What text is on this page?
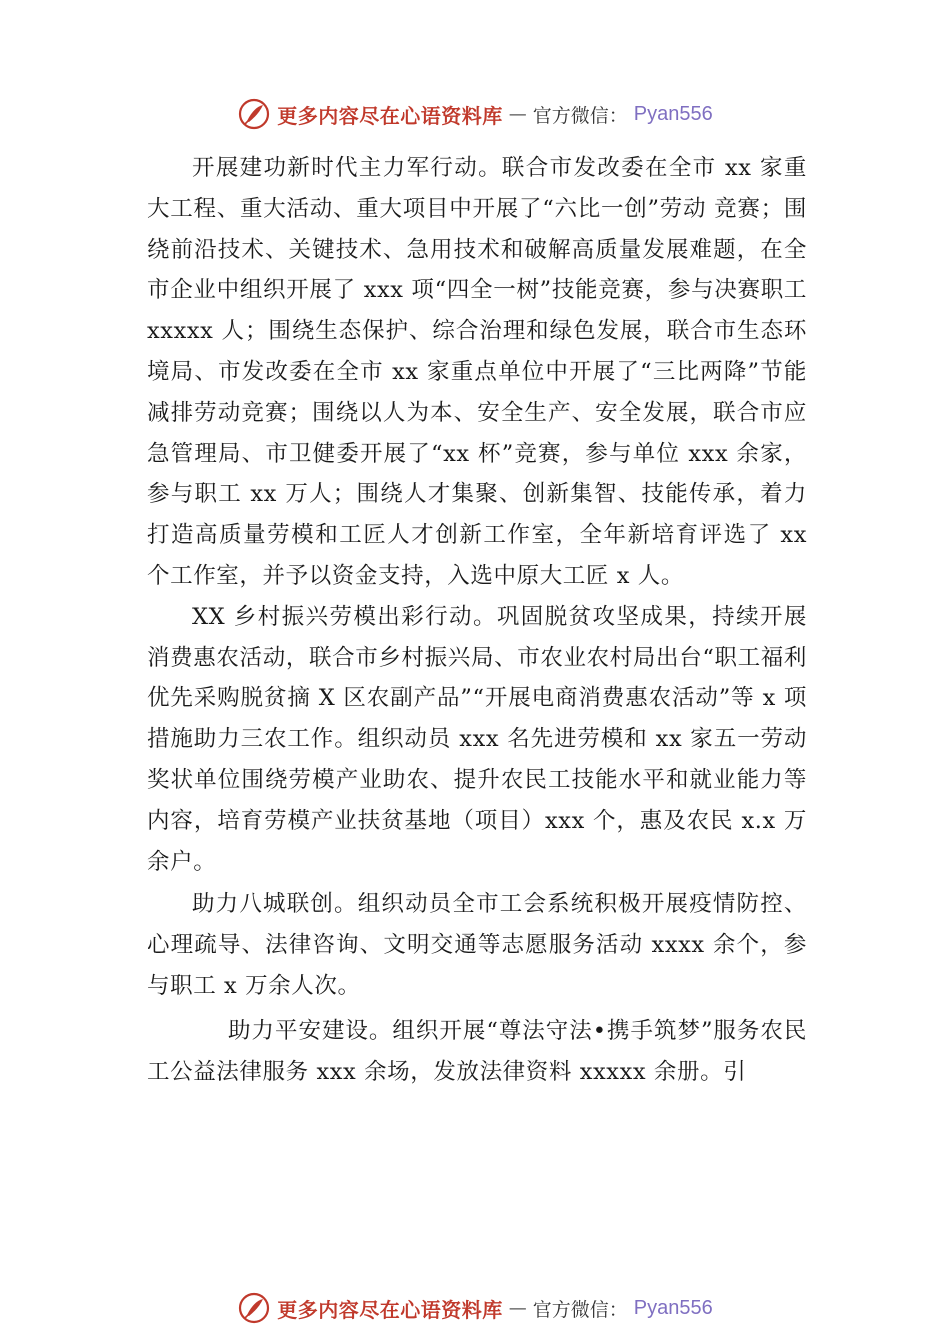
更多内容尽在心语资料库 — 官方微信： Pyan556

开展建功新时代主力军行动。联合市发改委在全市 xx 家重大工程、重大活动、重大项目中开展了“六比一创”劳动 竞赛；围绕前沿技术、关键技术、急用技术和破解高质量发展难题，在全市企业中组织开展了 xxx 项“四全一树”技能竞赛，参与决赛职工 xxxxx 人；围绕生态保护、综合治理和绿色发展，联合市生态环境局、市发改委在全市 xx 家重点单位中开展了“三比两降”节能减排劳动竞赛；围绕以人为本、安全生产、安全发展，联合市应急管理局、市卫健委开展了“xx 杯”竞赛，参与单位 xxx 余家，参与职工 xx 万人；围绕人才集聚、创新集智、技能传承，着力打造高质量劳模和工匠人才创新工作室，全年新培育评选了 xx 个工作室，并予以资金支持，入选中原大工匠 x 人。

XX 乡村振兴劳模出彩行动。巩固脱贫攻坚成果，持续开展消费惠农活动，联合市乡村振兴局、市农业农村局出台“职工福利优先采购脱贫摘 X 区农副产品”“开展电商消费惠农活动”等 x 项措施助力三农工作。组织动员 xxx 名先进劳模和 xx 家五一劳动奖状单位围绕劳模产业助农、提升农民工技能水平和就业能力等内容，培育劳模产业扶贫基地（项目）xxx 个，惠及农民 x.x 万余户。

助力八城联创。组织动员全市工会系统积极开展疫情防控、心理疏导、法律咨询、文明交通等志愿服务活动 xxxx 余个，参与职工 x 万余人次。

助力平安建设。组织开展“尊法守法•携手筑梦”服务农民工公益法律服务 xxx 余场，发放法律资料 xxxxx 余册。引

更多内容尽在心语资料库 — 官方微信： Pyan556
